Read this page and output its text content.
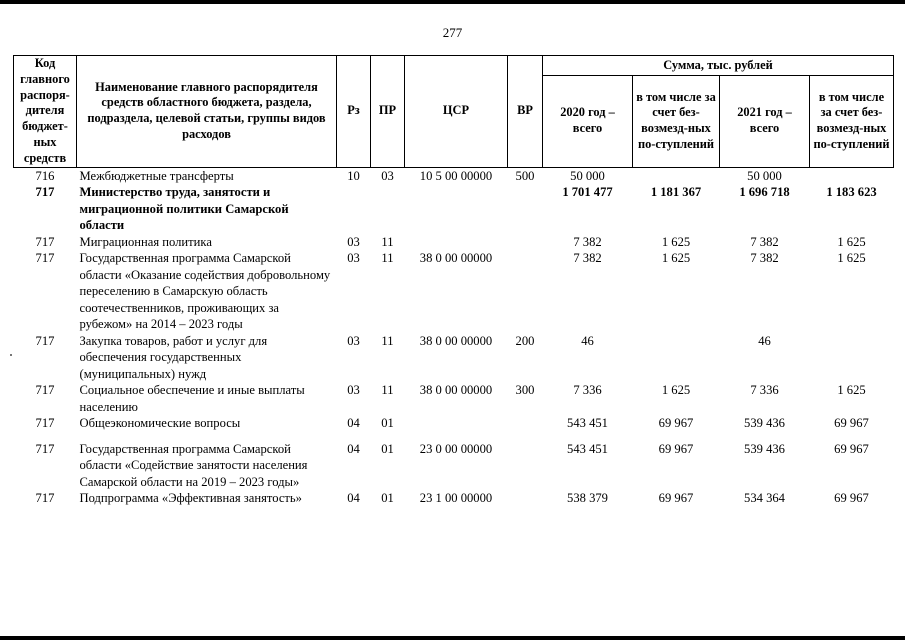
277
Код главного распоря-дителя бюджет-ных средств	Наименование главного распорядителя средств областного бюджета, раздела, подраздела, целевой статьи, группы видов расходов	Рз	ПР	ЦСР	ВР	Сумма, тыс. рублей			
						2020 год – всего	в том числе за счет без-возмезд-ных по-ступлений	2021 год – всего	в том числе за счет без-возмезд-ных по-ступлений
716	Межбюджетные трансферты	10	03	10 5 00 00000	500	50 000		50 000	
717	Министерство труда, занятости и миграционной политики Самарской области					1 701 477	1 181 367	1 696 718	1 183 623
717	Миграционная политика	03	11			7 382	1 625	7 382	1 625
717	Государственная программа Самарской области «Оказание содействия добровольному переселению в Самарскую область соотечественников, проживающих за рубежом» на 2014 – 2023 годы	03	11	38 0 00 00000		7 382	1 625	7 382	1 625
717	Закупка товаров, работ и услуг для обеспечения государственных (муниципальных) нужд	03	11	38 0 00 00000	200	46		46	
717	Социальное обеспечение и иные выплаты населению	03	11	38 0 00 00000	300	7 336	1 625	7 336	1 625
717	Общеэкономические вопросы	04	01			543 451	69 967	539 436	69 967
717	Государственная программа Самарской области «Содействие занятости населения Самарской области на 2019 – 2023 годы»	04	01	23 0 00 00000		543 451	69 967	539 436	69 967
717	Подпрограмма «Эффективная занятость»	04	01	23 1 00 00000		538 379	69 967	534 364	69 967
